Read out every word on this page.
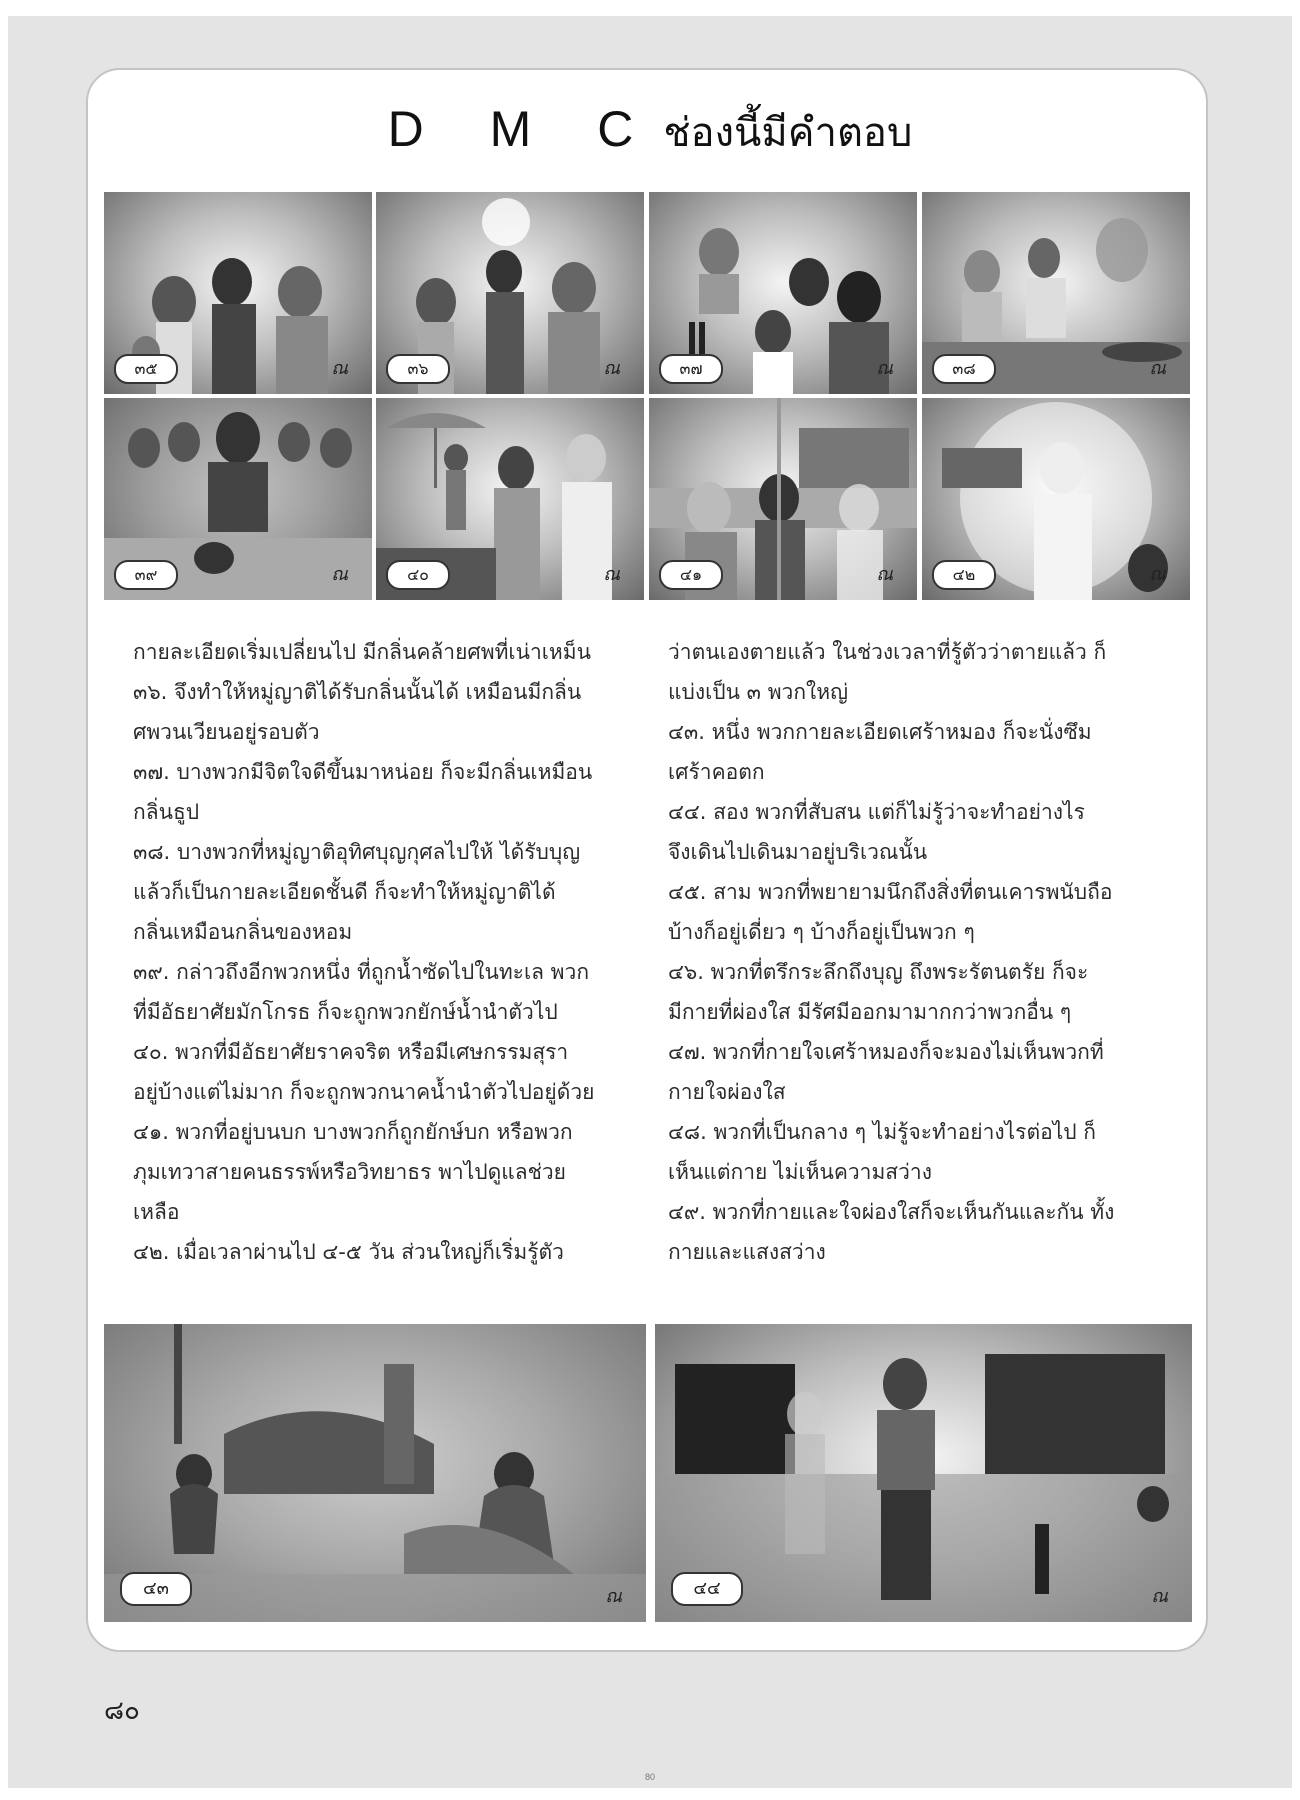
D M C ช่องนี้มีคำตอบ
๓๕	ณ	๓๖	ณ	๓๗	ณ	๓๘	ณ
๓๙	ณ	๔๐	ณ	๔๑	ณ	๔๒	ณ

กายละเอียดเริ่มเปลี่ยนไป มีกลิ่นคล้ายศพที่เน่าเหม็น

๓๖. จึงทำให้หมู่ญาติได้รับกลิ่นนั้นได้ เหมือนมีกลิ่น

ศพวนเวียนอยู่รอบตัว

๓๗. บางพวกมีจิตใจดีขึ้นมาหน่อย ก็จะมีกลิ่นเหมือน

กลิ่นธูป

๓๘. บางพวกที่หมู่ญาติอุทิศบุญกุศลไปให้ ได้รับบุญ

แล้วก็เป็นกายละเอียดชั้นดี ก็จะทำให้หมู่ญาติได้

กลิ่นเหมือนกลิ่นของหอม

๓๙. กล่าวถึงอีกพวกหนึ่ง ที่ถูกน้ำซัดไปในทะเล พวก

ที่มีอัธยาศัยมักโกรธ ก็จะถูกพวกยักษ์น้ำนำตัวไป

๔๐. พวกที่มีอัธยาศัยราคจริต หรือมีเศษกรรมสุรา

อยู่บ้างแต่ไม่มาก ก็จะถูกพวกนาคน้ำนำตัวไปอยู่ด้วย

๔๑. พวกที่อยู่บนบก บางพวกก็ถูกยักษ์บก หรือพวก

ภุมเทวาสายคนธรรพ์หรือวิทยาธร พาไปดูแลช่วย

เหลือ

๔๒. เมื่อเวลาผ่านไป ๔-๕ วัน ส่วนใหญ่ก็เริ่มรู้ตัว

ว่าตนเองตายแล้ว ในช่วงเวลาที่รู้ตัวว่าตายแล้ว ก็

แบ่งเป็น ๓ พวกใหญ่

๔๓. หนึ่ง พวกกายละเอียดเศร้าหมอง ก็จะนั่งซึม

เศร้าคอตก

๔๔. สอง พวกที่สับสน แต่ก็ไม่รู้ว่าจะทำอย่างไร

จึงเดินไปเดินมาอยู่บริเวณนั้น

๔๕. สาม พวกที่พยายามนึกถึงสิ่งที่ตนเคารพนับถือ

บ้างก็อยู่เดี่ยว ๆ บ้างก็อยู่เป็นพวก ๆ

๔๖. พวกที่ตรึกระลึกถึงบุญ ถึงพระรัตนตรัย ก็จะ

มีกายที่ผ่องใส มีรัศมีออกมามากกว่าพวกอื่น ๆ

๔๗. พวกที่กายใจเศร้าหมองก็จะมองไม่เห็นพวกที่

กายใจผ่องใส

๔๘. พวกที่เป็นกลาง ๆ ไม่รู้จะทำอย่างไรต่อไป ก็

เห็นแต่กาย ไม่เห็นความสว่าง

๔๙. พวกที่กายและใจผ่องใสก็จะเห็นกันและกัน ทั้ง

กายและแสงสว่าง

๔๓	ณ	๔๔	ณ
๘๐
80
